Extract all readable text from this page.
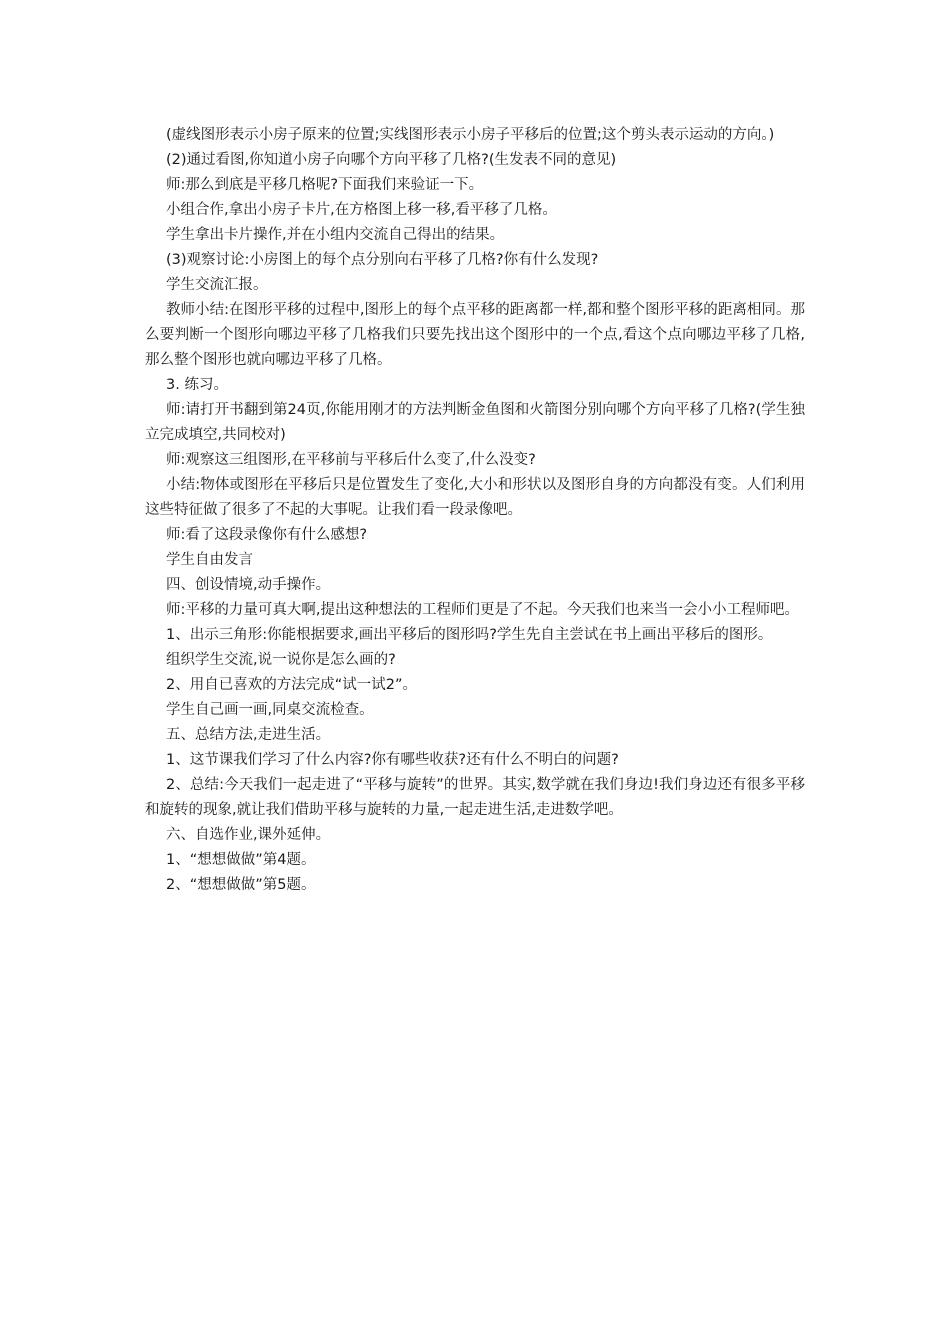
(虚线图形表示小房子原来的位置;实线图形表示小房子平移后的位置;这个剪头表示运动的方向。)

(2)通过看图,你知道小房子向哪个方向平移了几格?(生发表不同的意见)

师:那么到底是平移几格呢?下面我们来验证一下。

小组合作,拿出小房子卡片,在方格图上移一移,看平移了几格。

学生拿出卡片操作,并在小组内交流自己得出的结果。

(3)观察讨论:小房图上的每个点分别向右平移了几格?你有什么发现?

学生交流汇报。

教师小结:在图形平移的过程中,图形上的每个点平移的距离都一样,都和整个图形平移的距离相同。那么要判断一个图形向哪边平移了几格我们只要先找出这个图形中的一个点,看这个点向哪边平移了几格,那么整个图形也就向哪边平移了几格。

3. 练习。

师:请打开书翻到第24页,你能用刚才的方法判断金鱼图和火箭图分别向哪个方向平移了几格?(学生独立完成填空,共同校对)

师:观察这三组图形,在平移前与平移后什么变了,什么没变?

小结:物体或图形在平移后只是位置发生了变化,大小和形状以及图形自身的方向都没有变。人们利用这些特征做了很多了不起的大事呢。让我们看一段录像吧。

师:看了这段录像你有什么感想?

学生自由发言

四、创设情境,动手操作。

师:平移的力量可真大啊,提出这种想法的工程师们更是了不起。今天我们也来当一会小小工程师吧。

1、出示三角形:你能根据要求,画出平移后的图形吗?学生先自主尝试在书上画出平移后的图形。

组织学生交流,说一说你是怎么画的?

2、用自已喜欢的方法完成“试一试2”。

学生自己画一画,同桌交流检查。

五、总结方法,走进生活。

1、这节课我们学习了什么内容?你有哪些收获?还有什么不明白的问题?

2、总结:今天我们一起走进了“平移与旋转”的世界。其实,数学就在我们身边!我们身边还有很多平移和旋转的现象,就让我们借助平移与旋转的力量,一起走进生活,走进数学吧。

六、自选作业,课外延伸。

1、“想想做做”第4题。

2、“想想做做”第5题。
